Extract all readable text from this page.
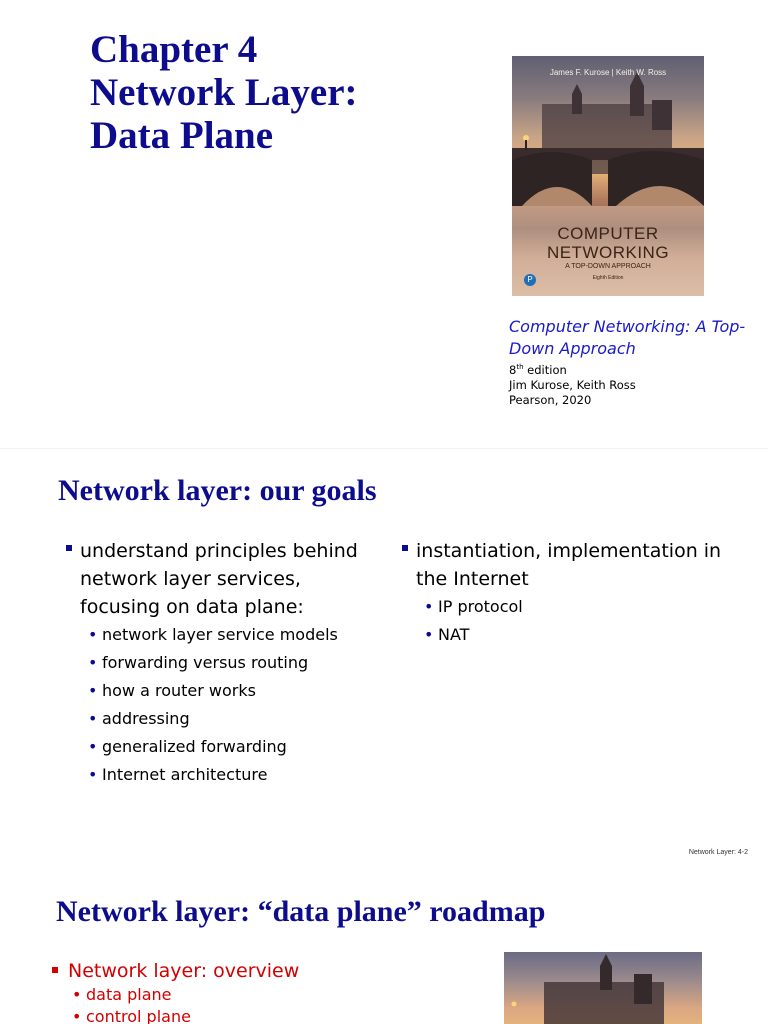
Chapter 4
Network Layer:
Data Plane
James F. Kurose | Keith W. Ross
COMPUTER
NETWORKING
A TOP-DOWN APPROACH
Eighth Edition
P

Computer Networking: A Top-Down Approach

8th edition
Jim Kurose, Keith Ross
Pearson, 2020
Network layer: our goals
understand principles behind network layer services, focusing on data plane:
• network layer service models
• forwarding versus routing
• how a router works
• addressing
• generalized forwarding
• Internet architecture
instantiation, implementation in the Internet
• IP protocol
• NAT
Network Layer: 4-2
Network layer: “data plane” roadmap
Network layer: overview
• data plane
• control plane
